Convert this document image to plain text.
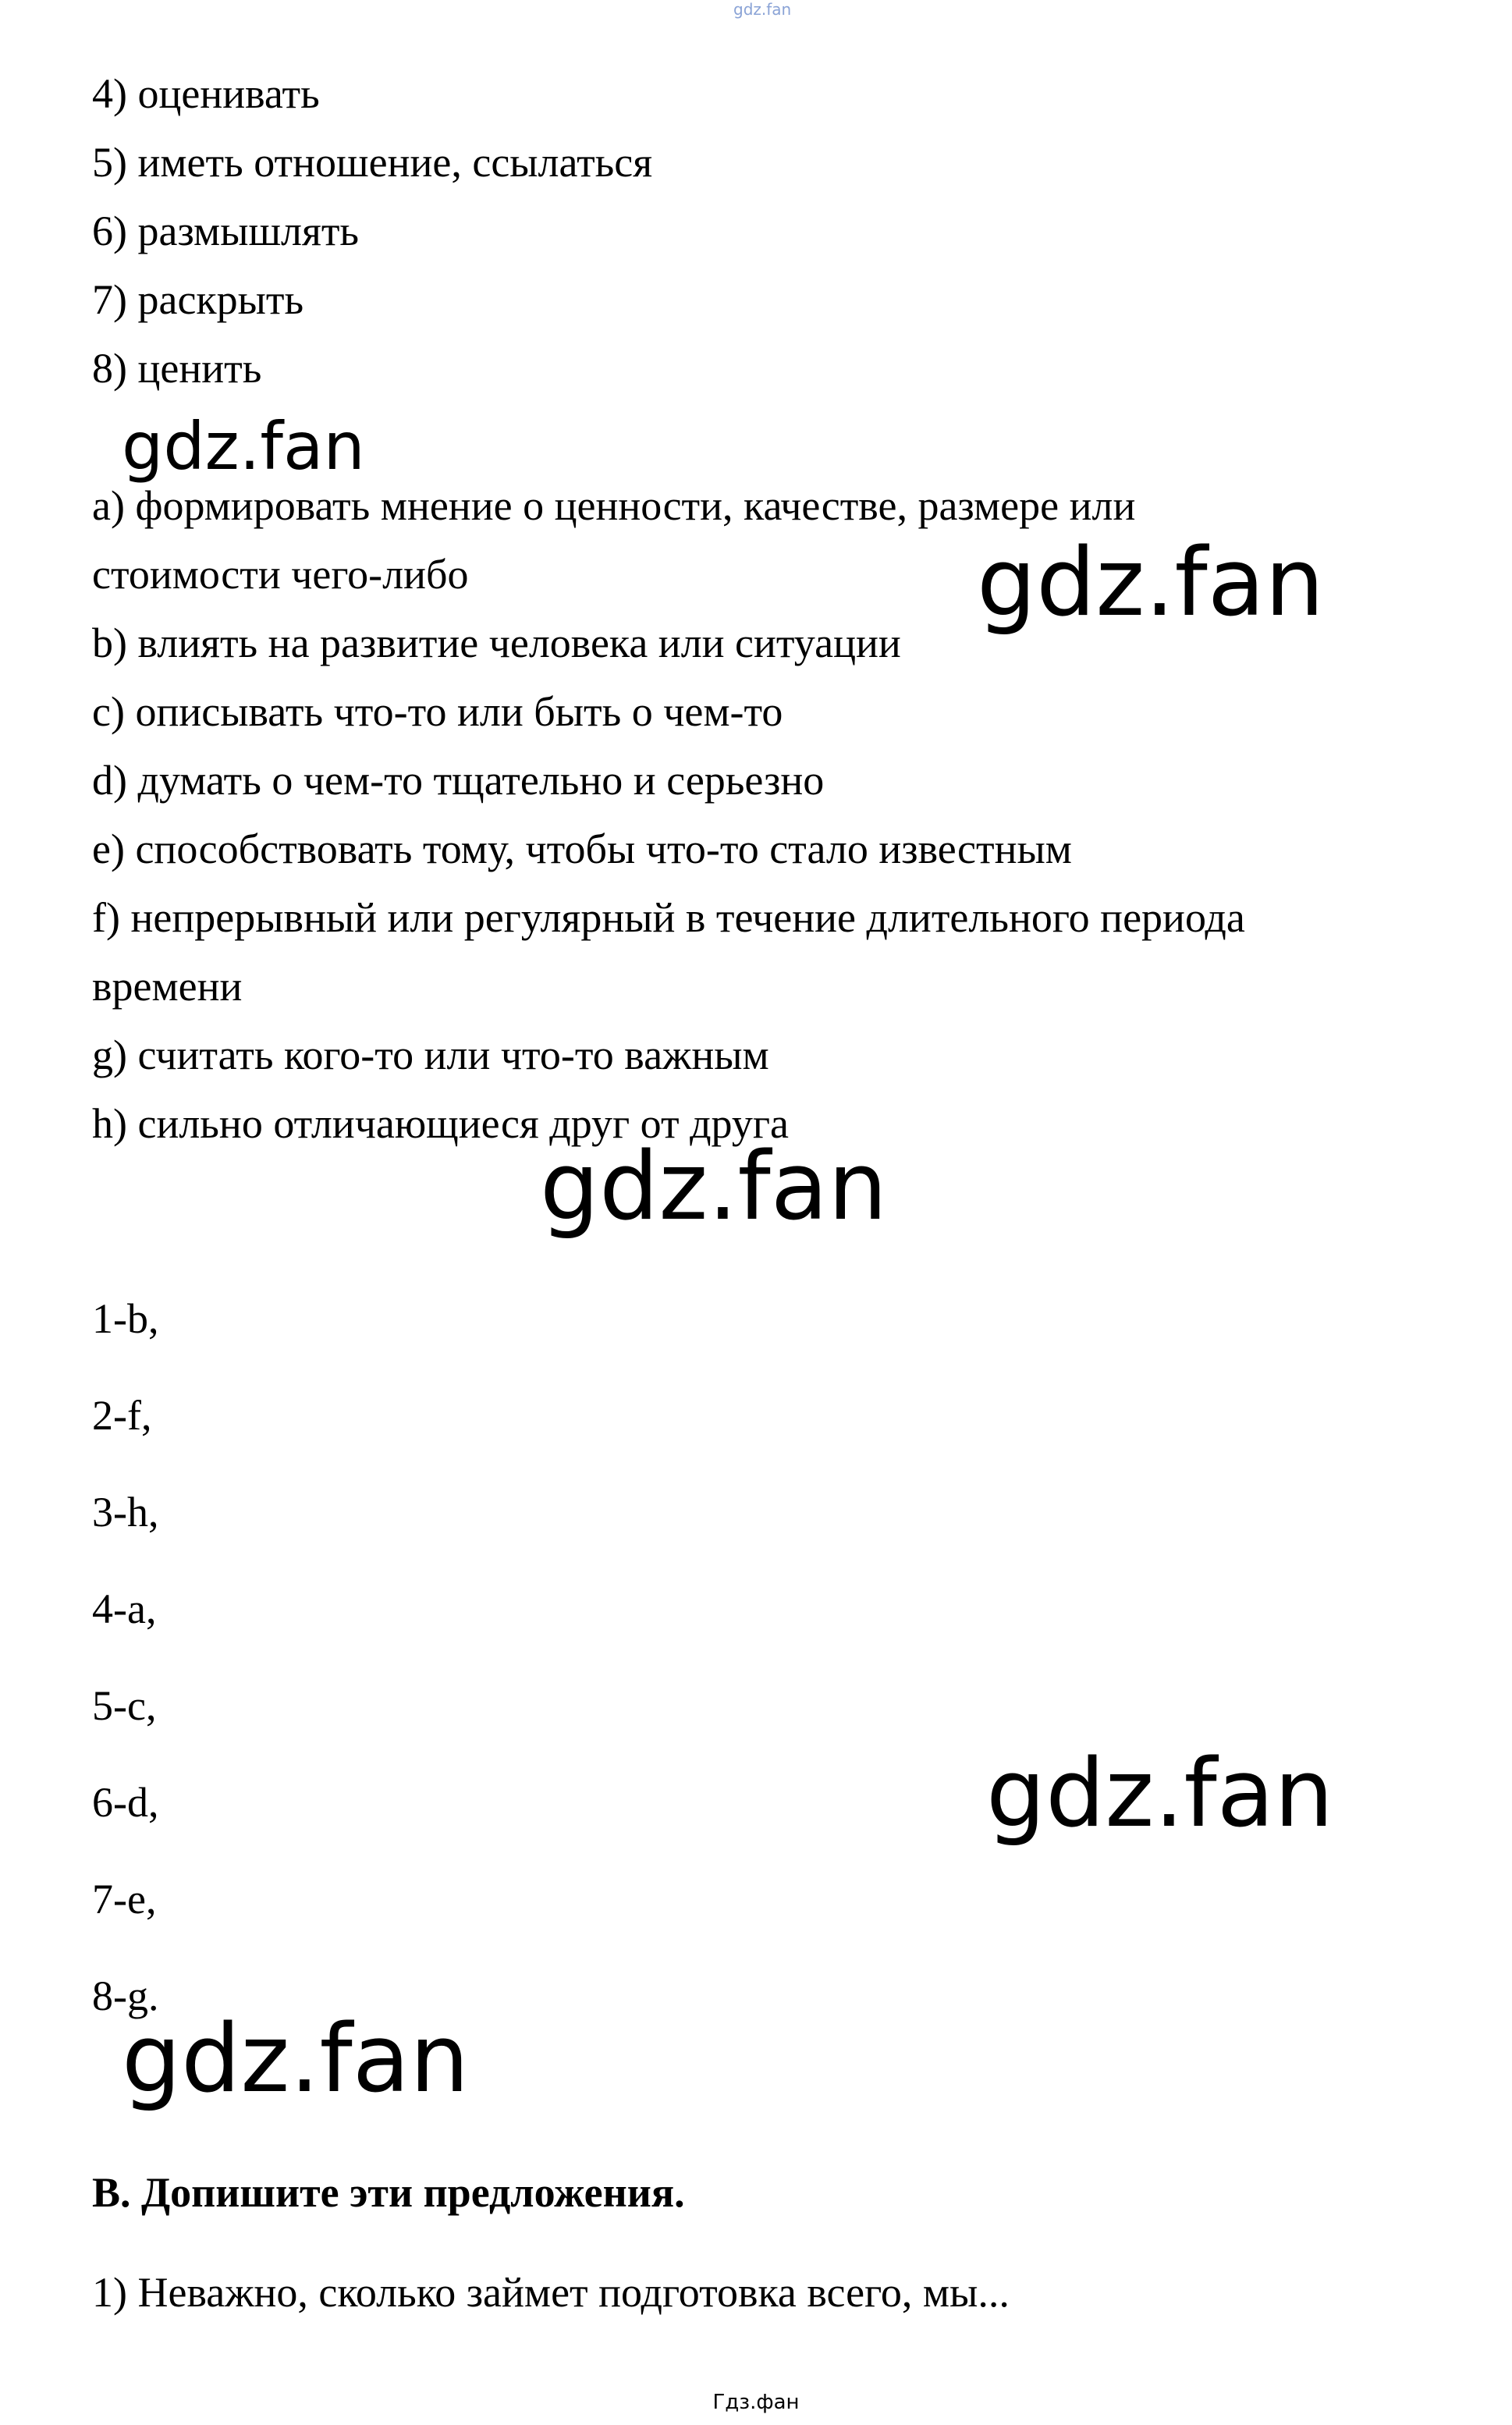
gdz.fan
4) оценивать
5) иметь отношение, ссылаться
6) размышлять
7) раскрыть
8) ценить
a) формировать мнение о ценности, качестве, размере или
стоимости чего-либо
b) влиять на развитие человека или ситуации
c) описывать что-то или быть о чем-то
d) думать о чем-то тщательно и серьезно
e) способствовать тому, чтобы что-то стало известным
f) непрерывный или регулярный в течение длительного периода
времени
g) считать кого-то или что-то важным
h) сильно отличающиеся друг от друга
1-b,
2-f,
3-h,
4-a,
5-c,
6-d,
7-e,
8-g.
B. Допишите эти предложения.
1) Неважно, сколько займет подготовка всего, мы...
gdz.fan
gdz.fan
gdz.fan
gdz.fan
gdz.fan
Гдз.фан
